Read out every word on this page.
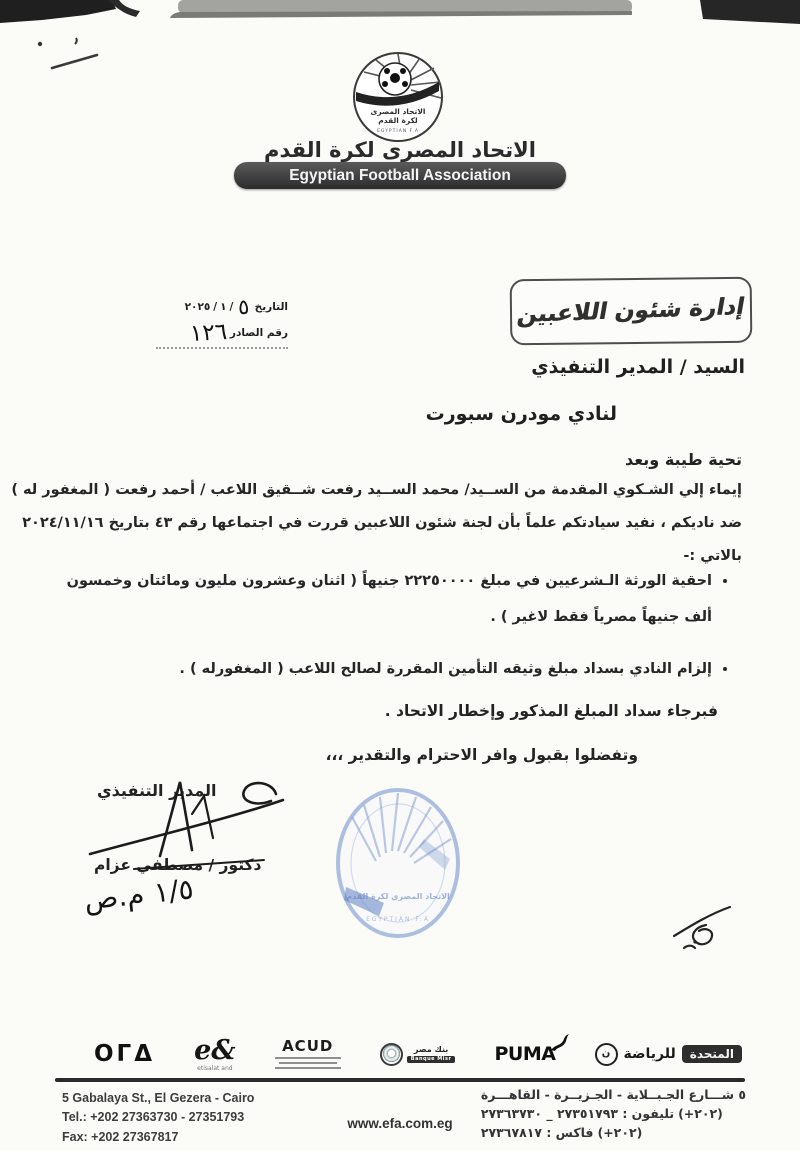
الاتحاد المصرى
لكرة القدم
EGYPTIAN F.A
الاتحاد المصرى لكرة القدم
Egyptian Football Association
٢٠٢٥ / ١ / ٥ التاريخ
١٢٦ رقم الصادر
إدارة شئون اللاعبين
السيد / المدير التنفيذي
لنادي مودرن سبورت
تحية طيبة وبعد
إيماء إلي الشـكوي المقدمة من الســيد/ محمد الســيد رفعت شــقيق اللاعب / أحمد رفعت ( المغفور له )
ضد ناديكم ، نفيد سيادتكم علماً بأن لجنة شئون اللاعبين قررت في اجتماعها رقم ٤٣ بتاريخ ٢٠٢٤/١١/١٦
بالاتي :-
• احقية الورثة الـشرعيين في مبلغ ٢٢٢٥٠٠٠٠ جنيهاً ( اثنان وعشرون مليون ومائتان وخمسون ألف جنيهاً مصرياً فقط لاغير ) .
• إلزام النادي بسداد مبلغ وثيقه التأمين المقررة لصالح اللاعب ( المغفورله ) .
فبرجاء سداد المبلغ المذكور وإخطار الاتحاد .
وتفضلوا بقبول وافر الاحترام والتقدير ،،،
المدير التنفيذي
دكتور / مصطفي عزام
م.ص ١/٥	الاتحاد المصري لكرة القدم
EGYPTIAN F.A
OΓΔ e&
etisalat and
ACUD	بنك مصر
Banque Misr PUMA	ن للرياضة	المتحدة
5 Gabalaya St., El Gezera - Cairo
Tel.: +202 27363730 - 27351793
Fax: +202 27367817
www.efa.com.eg
٥ شـــارع الجـبــلاية - الجـزيــرة - القاهـــرة
تليفون : ٢٧٣٥١٧٩٣ _ ٢٧٣٦٣٧٣٠ (+٢٠٢)
فاكس : ٢٧٣٦٧٨١٧ (+٢٠٢)
